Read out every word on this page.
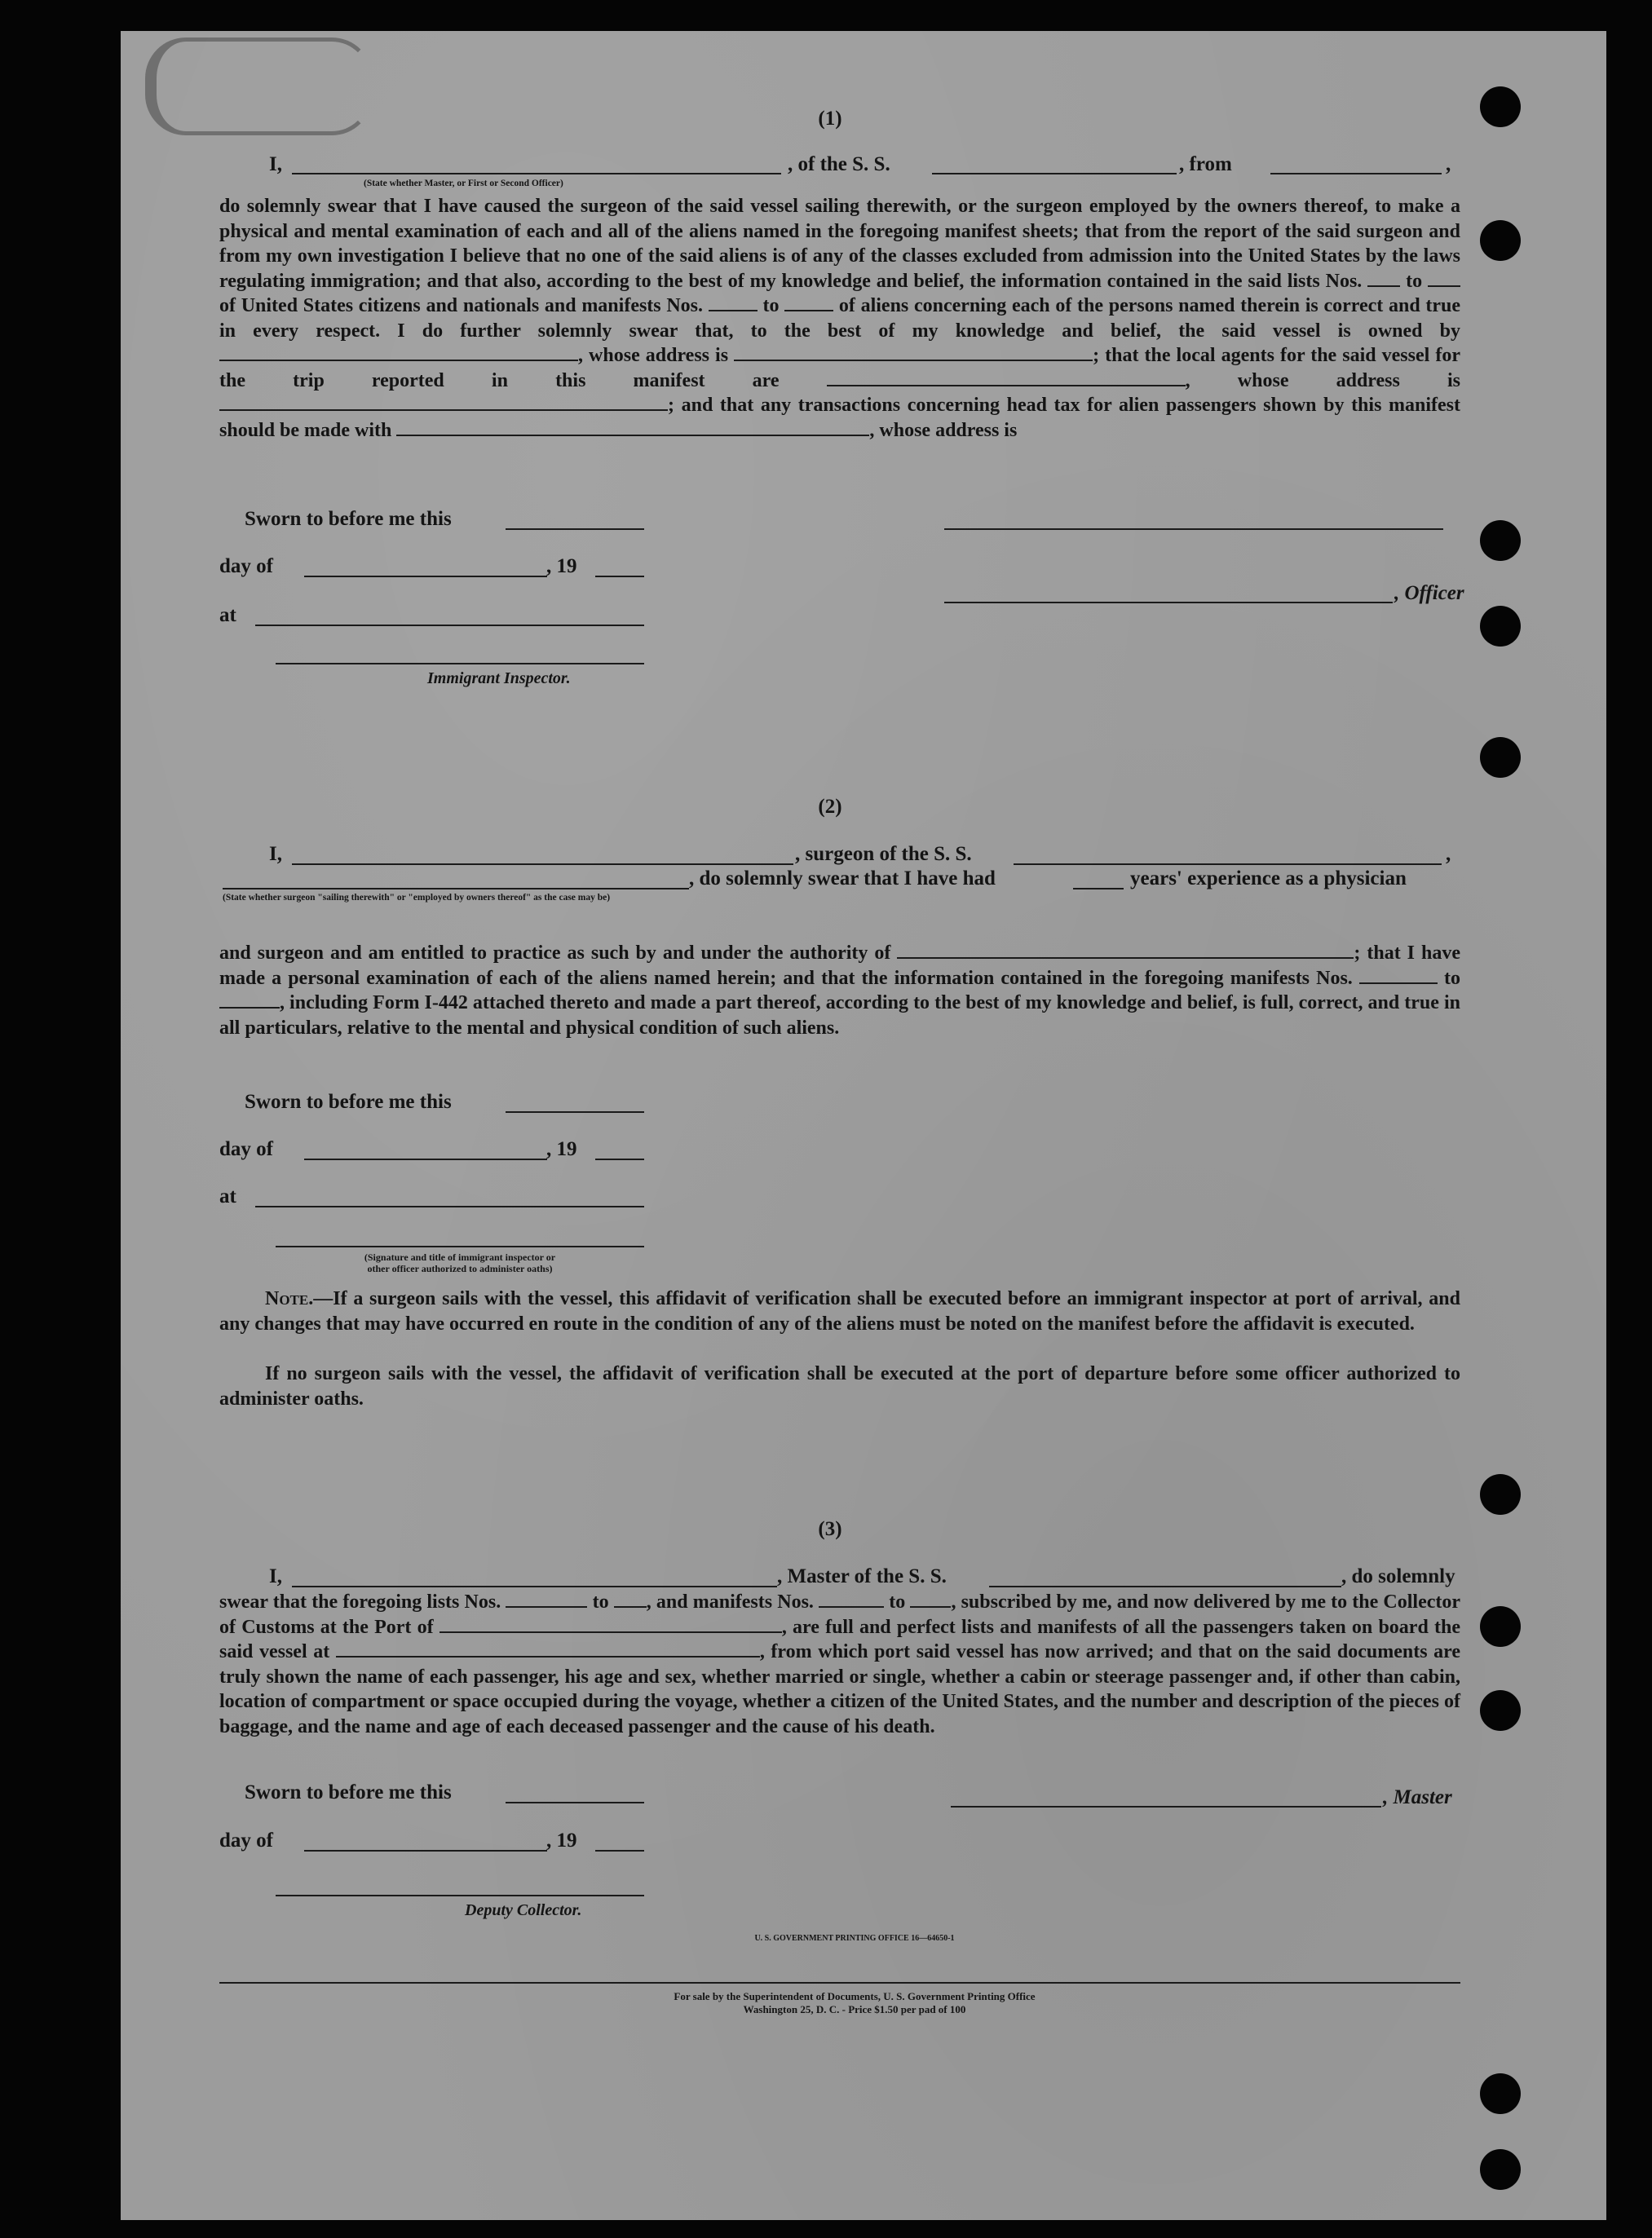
(1)
I,	, of the S. S.	, from	,
(State whether Master, or First or Second Officer)
do solemnly swear that I have caused the surgeon of the said vessel sailing therewith, or the surgeon employed by the owners thereof, to make a physical and mental examination of each and all of the aliens named in the foregoing manifest sheets; that from the report of the said surgeon and from my own investigation I believe that no one of the said aliens is of any of the classes excluded from admission into the United States by the laws regulating immigration; and that also, according to the best of my knowledge and belief, the information contained in the said lists Nos. to  of United States citizens and nationals and manifests Nos.	to	of aliens concerning each of the persons named therein is correct and true in every respect. I do further solemnly swear that, to the best of my knowledge and belief, the said vessel is owned by , whose address is	; that the local agents for the said vessel for the trip reported in this manifest are	, whose address is ; and that any transactions concerning head tax for alien passengers shown by this manifest should be made with	, whose address is
Sworn to before me this
day of	, 19
at
Immigrant Inspector.
, Officer
(2)
I,	, surgeon of the S. S.	,
, do solemnly swear that I have had	years' experience as a physician
(State whether surgeon "sailing therewith" or "employed by owners thereof" as the case may be)
and surgeon and am entitled to practice as such by and under the authority of	; that I have made a personal examination of each of the aliens named herein; and that the information contained in the foregoing manifests Nos.	to , including Form I-442 attached thereto and made a part thereof, according to the best of my knowledge and belief, is full, correct, and true in all particulars, relative to the mental and physical condition of such aliens.
Sworn to before me this
day of	, 19
at
(Signature and title of immigrant inspector or
other officer authorized to administer oaths)
Note.—If a surgeon sails with the vessel, this affidavit of verification shall be executed before an immigrant inspector at port of arrival, and any changes that may have occurred en route in the condition of any of the aliens must be noted on the manifest before the affidavit is executed.
If no surgeon sails with the vessel, the affidavit of verification shall be executed at the port of departure before some officer authorized to administer oaths.
(3)
I,	, Master of the S. S.	, do solemnly
swear that the foregoing lists Nos.	to , and manifests Nos.	to , subscribed by me, and now delivered by me to the Collector of Customs at the Port of	, are full and perfect lists and manifests of all the passengers taken on board the said vessel at	, from which port said vessel has now arrived; and that on the said documents are truly shown the name of each passenger, his age and sex, whether married or single, whether a cabin or steerage passenger and, if other than cabin, location of compartment or space occupied during the voyage, whether a citizen of the United States, and the number and description of the pieces of baggage, and the name and age of each deceased passenger and the cause of his death.
Sworn to before me this
day of	, 19
Deputy Collector.
, Master
U. S. GOVERNMENT PRINTING OFFICE 16—64650-1
For sale by the Superintendent of Documents, U. S. Government Printing Office
Washington 25, D. C. - Price $1.50 per pad of 100
